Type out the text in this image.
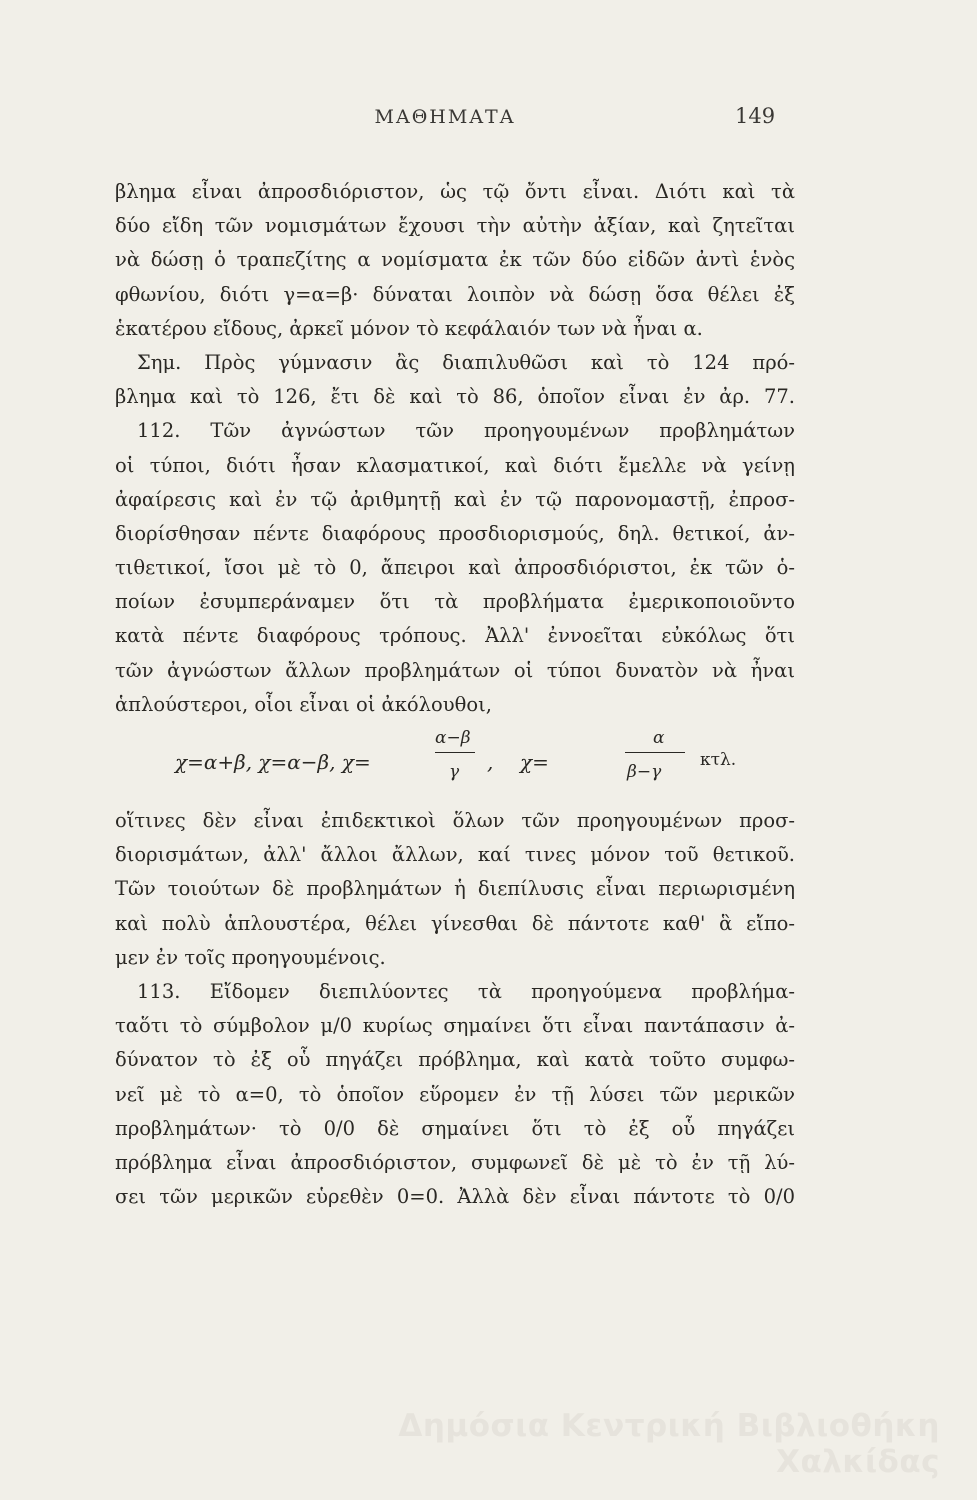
ΜΑΘΗΜΑΤΑ	149
βλημα εἶναι ἀπροσδιόριστον, ὡς τῷ ὄντι εἶναι. Διότι καὶ τὰ
δύο εἴδη τῶν νομισμάτων ἔχουσι τὴν αὐτὴν ἀξίαν, καὶ ζητεῖται
νὰ δώσῃ ὁ τραπεζίτης α νομίσματα ἐκ τῶν δύο εἰδῶν ἀντὶ ἑνὸς
φθωνίου, διότι γ=α=β· δύναται λοιπὸν νὰ δώσῃ ὅσα θέλει ἐξ
ἑκατέρου εἴδους, ἀρκεῖ μόνον τὸ κεφάλαιόν των νὰ ἦναι α.
Σημ. Πρὸς γύμνασιν ἂς διαπιλυθῶσι καὶ τὸ 124 πρό-
βλημα καὶ τὸ 126, ἔτι δὲ καὶ τὸ 86, ὁποῖον εἶναι ἐν ἀρ. 77.
112. Τῶν ἀγνώστων τῶν προηγουμένων προβλημάτων
οἱ τύποι, διότι ἦσαν κλασματικοί, καὶ διότι ἔμελλε νὰ γείνῃ
ἀφαίρεσις καὶ ἐν τῷ ἀριθμητῇ καὶ ἐν τῷ παρονομαστῇ, ἐπροσ-
διορίσθησαν πέντε διαφόρους προσδιορισμούς, δηλ. θετικοί, ἀν-
τιθετικοί, ἴσοι μὲ τὸ 0, ἄπειροι καὶ ἀπροσδιόριστοι, ἐκ τῶν ὁ-
ποίων ἐσυμπεράναμεν ὅτι τὰ προβλήματα ἐμερικοποιοῦντο
κατὰ πέντε διαφόρους τρόπους. Ἀλλ' ἐννοεῖται εὐκόλως ὅτι
τῶν ἀγνώστων ἄλλων προβλημάτων οἱ τύποι δυνατὸν νὰ ἦναι
ἁπλούστεροι, οἷοι εἶναι οἱ ἀκόλουθοι,
χ=α+β, χ=α−β, χ=
α−β
γ , χ=
α
β−γ
κτλ.
οἵτινες δὲν εἶναι ἐπιδεκτικοὶ ὅλων τῶν προηγουμένων προσ-
διορισμάτων, ἀλλ' ἄλλοι ἄλλων, καί τινες μόνον τοῦ θετικοῦ.
Τῶν τοιούτων δὲ προβλημάτων ἡ διεπίλυσις εἶναι περιωρισμένη
καὶ πολὺ ἁπλουστέρα, θέλει γίνεσθαι δὲ πάντοτε καθ' ἃ εἴπο-
μεν ἐν τοῖς προηγουμένοις.
113. Εἴδομεν διεπιλύοντες τὰ προηγούμενα προβλήμα-
ταὅτι τὸ σύμβολον μ/0 κυρίως σημαίνει ὅτι εἶναι παντάπασιν ἀ-
δύνατον τὸ ἐξ οὗ πηγάζει πρόβλημα, καὶ κατὰ τοῦτο συμφω-
νεῖ μὲ τὸ α=0, τὸ ὁποῖον εὕρομεν ἐν τῇ λύσει τῶν μερικῶν
προβλημάτων· τὸ 0/0 δὲ σημαίνει ὅτι τὸ ἐξ οὗ πηγάζει
πρόβλημα εἶναι ἀπροσδιόριστον, συμφωνεῖ δὲ μὲ τὸ ἐν τῇ λύ-
σει τῶν μερικῶν εὑρεθὲν 0=0. Ἀλλὰ δὲν εἶναι πάντοτε τὸ 0/0
Δημόσια Κεντρική Βιβλιοθήκη Χαλκίδας
